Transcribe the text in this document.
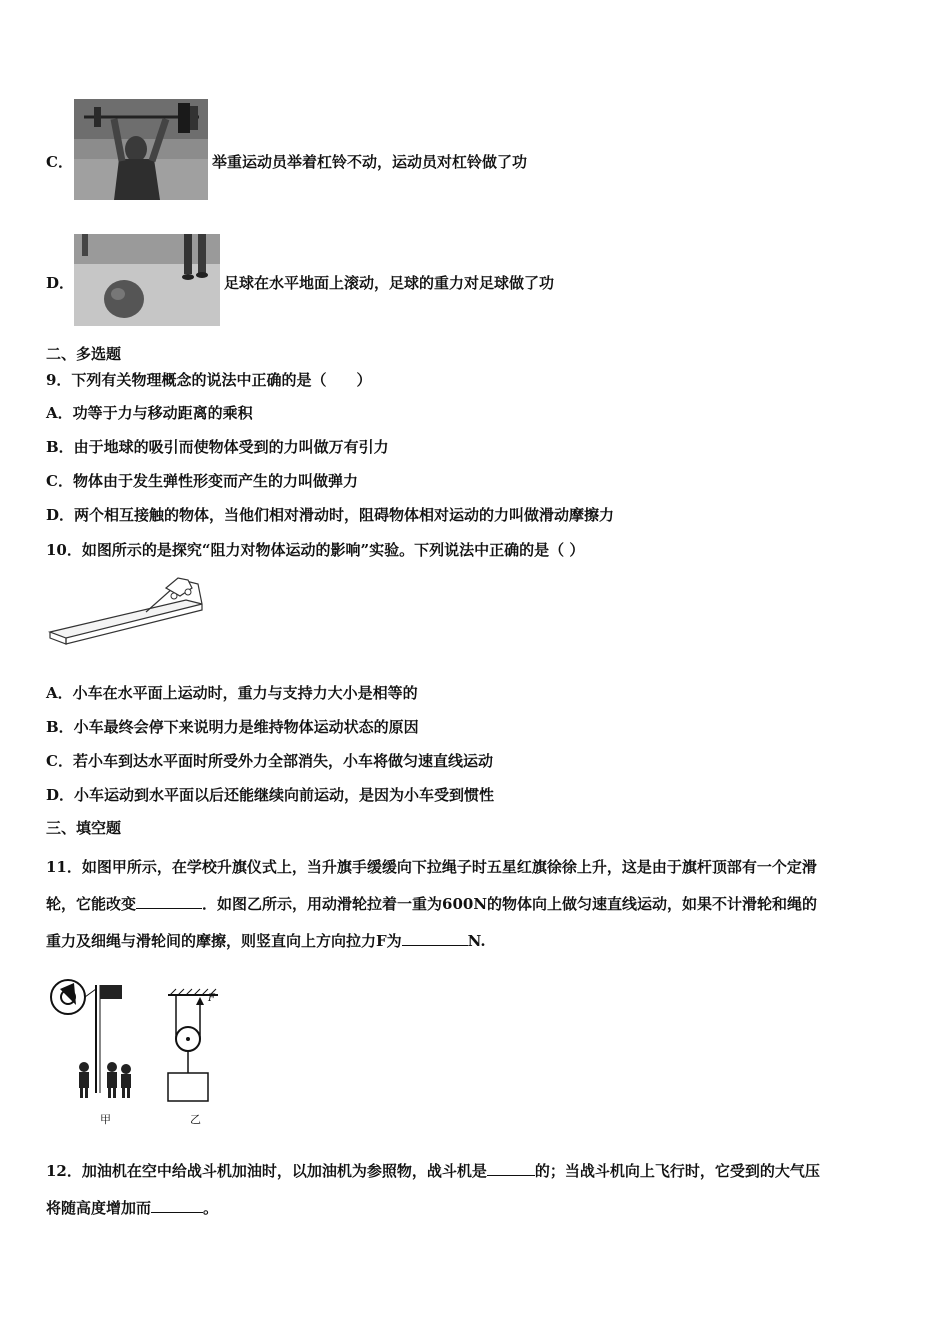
C．	举重运动员举着杠铃不动，运动员对杠铃做了功
D．	足球在水平地面上滚动，足球的重力对足球做了功
二、多选题
9．下列有关物理概念的说法中正确的是（　　）
A．功等于力与移动距离的乘积
B．由于地球的吸引而使物体受到的力叫做万有引力
C．物体由于发生弹性形变而产生的力叫做弹力
D．两个相互接触的物体，当他们相对滑动时，阻碍物体相对运动的力叫做滑动摩擦力
10．如图所示的是探究“阻力对物体运动的影响”实验。下列说法中正确的是（ ）
A．小车在水平面上运动时，重力与支持力大小是相等的
B．小车最终会停下来说明力是维持物体运动状态的原因
C．若小车到达水平面时所受外力全部消失，小车将做匀速直线运动
D．小车运动到水平面以后还能继续向前运动，是因为小车受到惯性
三、填空题
11．如图甲所示，在学校升旗仪式上，当升旗手缓缓向下拉绳子时五星红旗徐徐上升，这是由于旗杆顶部有一个定滑
轮，它能改变	．如图乙所示，用动滑轮拉着一重为600N的物体向上做匀速直线运动，如果不计滑轮和绳的
重力及细绳与滑轮间的摩擦，则竖直向上方向拉力F为	N.
甲	乙
F
12．加油机在空中给战斗机加油时，以加油机为参照物，战斗机是	的；当战斗机向上飞行时，它受到的大气压
将随高度增加而	。
